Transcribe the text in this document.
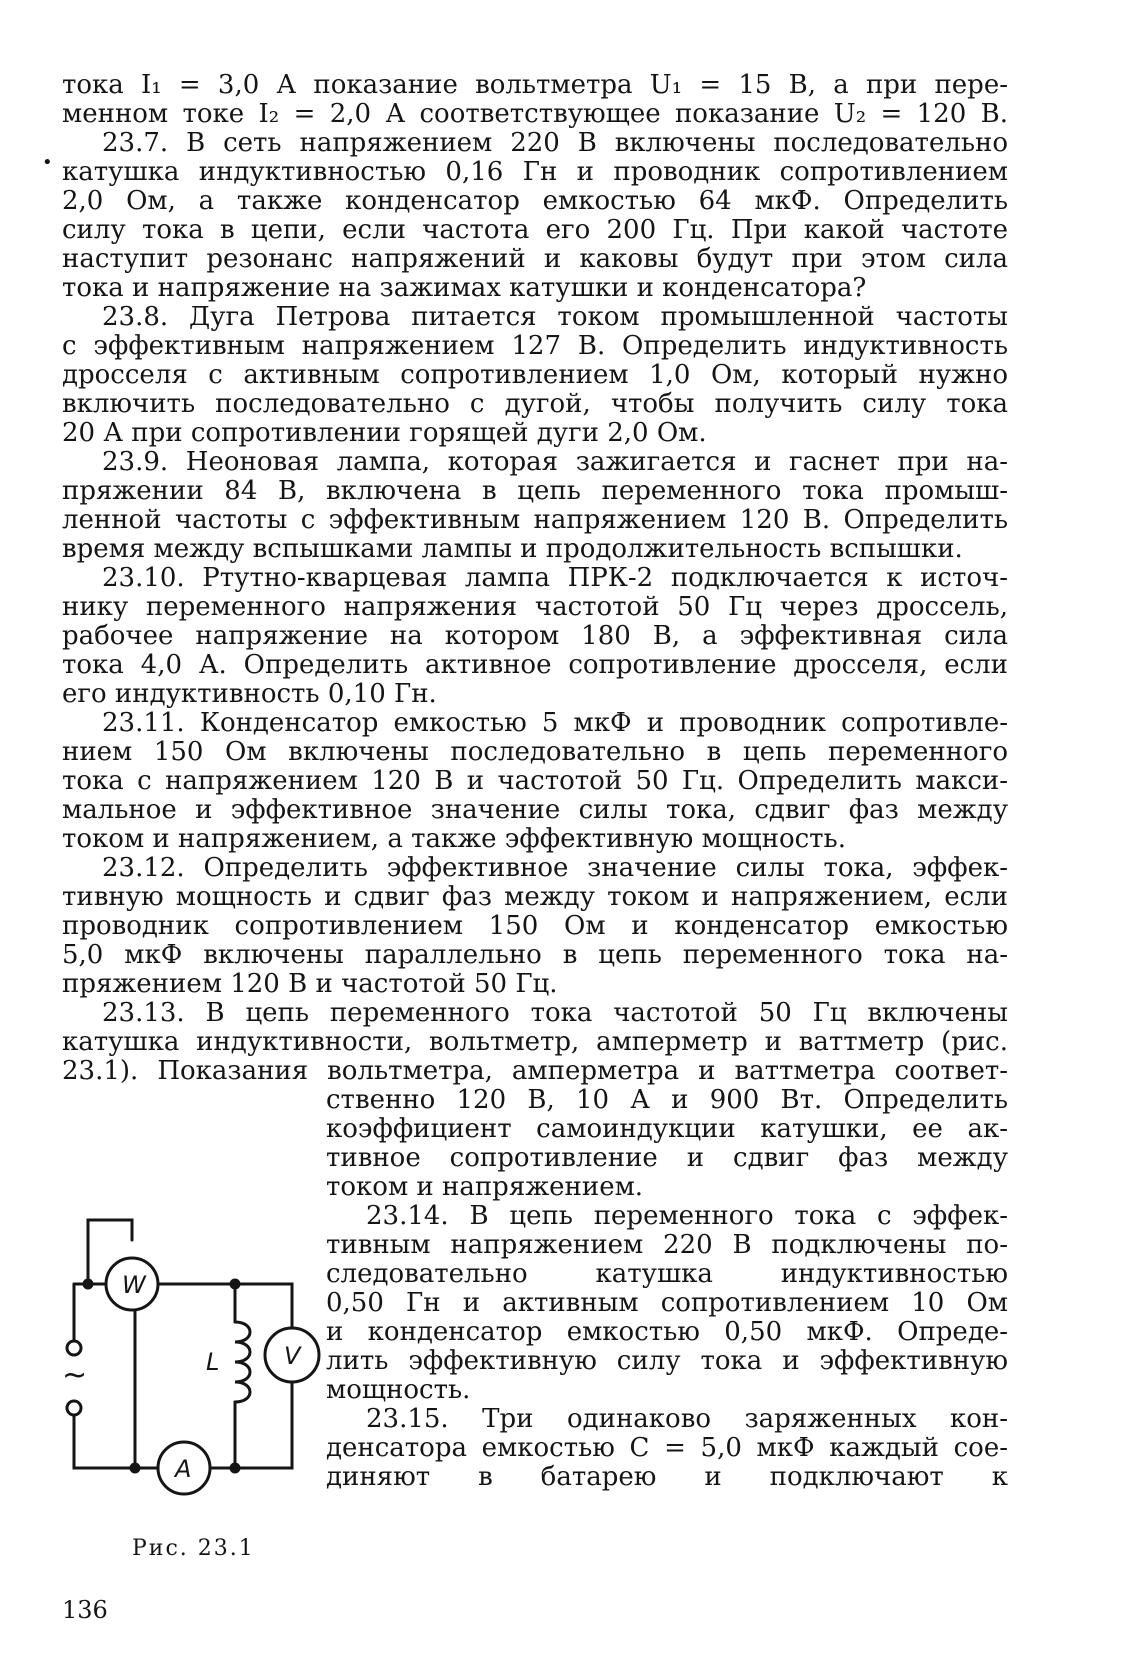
•
тока I₁ = 3,0 А показание вольтметра U₁ = 15 В, а при пере-
менном токе I₂ = 2,0 А соответствующее показание U₂ = 120 В.
23.7. В сеть напряжением 220 В включены последовательно
катушка индуктивностью 0,16 Гн и проводник сопротивлением
2,0 Ом, а также конденсатор емкостью 64 мкФ. Определить
силу тока в цепи, если частота его 200 Гц. При какой частоте
наступит резонанс напряжений и каковы будут при этом сила
тока и напряжение на зажимах катушки и конденсатора?
23.8. Дуга Петрова питается током промышленной частоты
с эффективным напряжением 127 В. Определить индуктивность
дросселя с активным сопротивлением 1,0 Ом, который нужно
включить последовательно с дугой, чтобы получить силу тока
20 А при сопротивлении горящей дуги 2,0 Ом.
23.9. Неоновая лампа, которая зажигается и гаснет при на-
пряжении 84 В, включена в цепь переменного тока промыш-
ленной частоты с эффективным напряжением 120 В. Определить
время между вспышками лампы и продолжительность вспышки.
23.10. Ртутно-кварцевая лампа ПРК-2 подключается к источ-
нику переменного напряжения частотой 50 Гц через дроссель,
рабочее напряжение на котором 180 В, а эффективная сила
тока 4,0 А. Определить активное сопротивление дросселя, если
его индуктивность 0,10 Гн.
23.11. Конденсатор емкостью 5 мкФ и проводник сопротивле-
нием 150 Ом включены последовательно в цепь переменного
тока с напряжением 120 В и частотой 50 Гц. Определить макси-
мальное и эффективное значение силы тока, сдвиг фаз между
током и напряжением, а также эффективную мощность.
23.12. Определить эффективное значение силы тока, эффек-
тивную мощность и сдвиг фаз между током и напряжением, если
проводник сопротивлением 150 Ом и конденсатор емкостью
5,0 мкФ включены параллельно в цепь переменного тока на-
пряжением 120 В и частотой 50 Гц.
23.13. В цепь переменного тока частотой 50 Гц включены
катушка индуктивности, вольтметр, амперметр и ваттметр (рис.
23.1). Показания вольтметра, амперметра и ваттметра соответ-
ственно 120 В, 10 А и 900 Вт. Определить
коэффициент самоиндукции катушки, ее ак-
тивное сопротивление и сдвиг фаз между
током и напряжением.
23.14. В цепь переменного тока с эффек-
тивным напряжением 220 В подключены по-
следовательно катушка индуктивностью
0,50 Гн и активным сопротивлением 10 Ом
и конденсатор емкостью 0,50 мкФ. Опреде-
лить эффективную силу тока и эффективную
мощность.
23.15. Три одинаково заряженных кон-
денсатора емкостью C = 5,0 мкФ каждый сое-
диняют в батарею и подключают к
W
V
A
L
~
Рис. 23.1
136
